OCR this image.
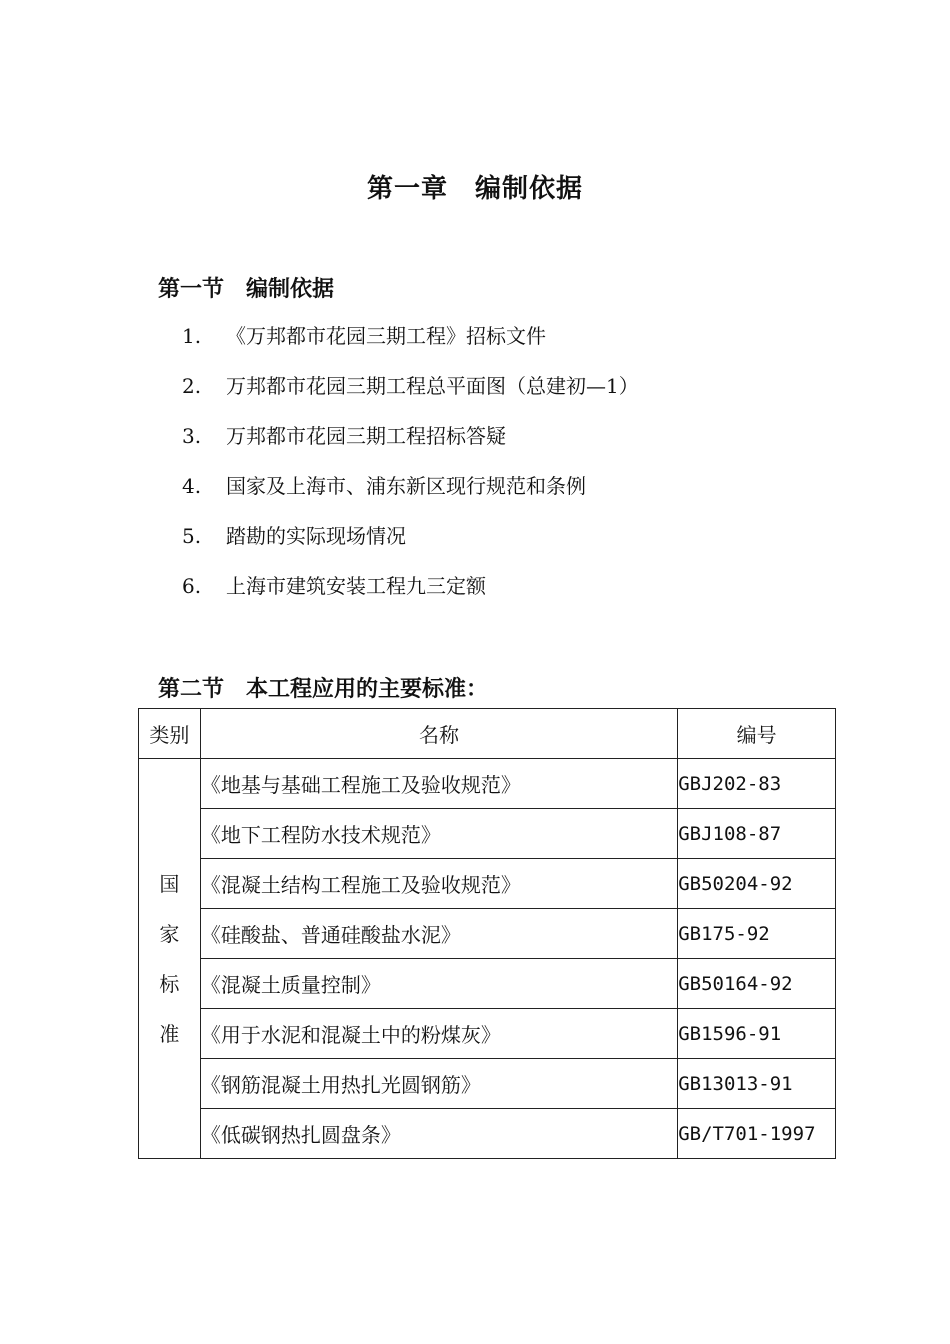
第一章　编制依据
第一节　编制依据
1.	《万邦都市花园三期工程》招标文件
2.	万邦都市花园三期工程总平面图（总建初—1）
3.	万邦都市花园三期工程招标答疑
4.	国家及上海市、浦东新区现行规范和条例
5.	踏勘的实际现场情况
6.	上海市建筑安装工程九三定额
第二节　本工程应用的主要标准：
类别	名称	编号

国家标准	《地基与基础工程施工及验收规范》	GBJ202-83
	《地下工程防水技术规范》	GBJ108-87
	《混凝土结构工程施工及验收规范》	GB50204-92
	《硅酸盐、普通硅酸盐水泥》	GB175-92
	《混凝土质量控制》	GB50164-92
	《用于水泥和混凝土中的粉煤灰》	GB1596-91
	《钢筋混凝土用热扎光圆钢筋》	GB13013-91
	《低碳钢热扎圆盘条》	GB/T701-1997
